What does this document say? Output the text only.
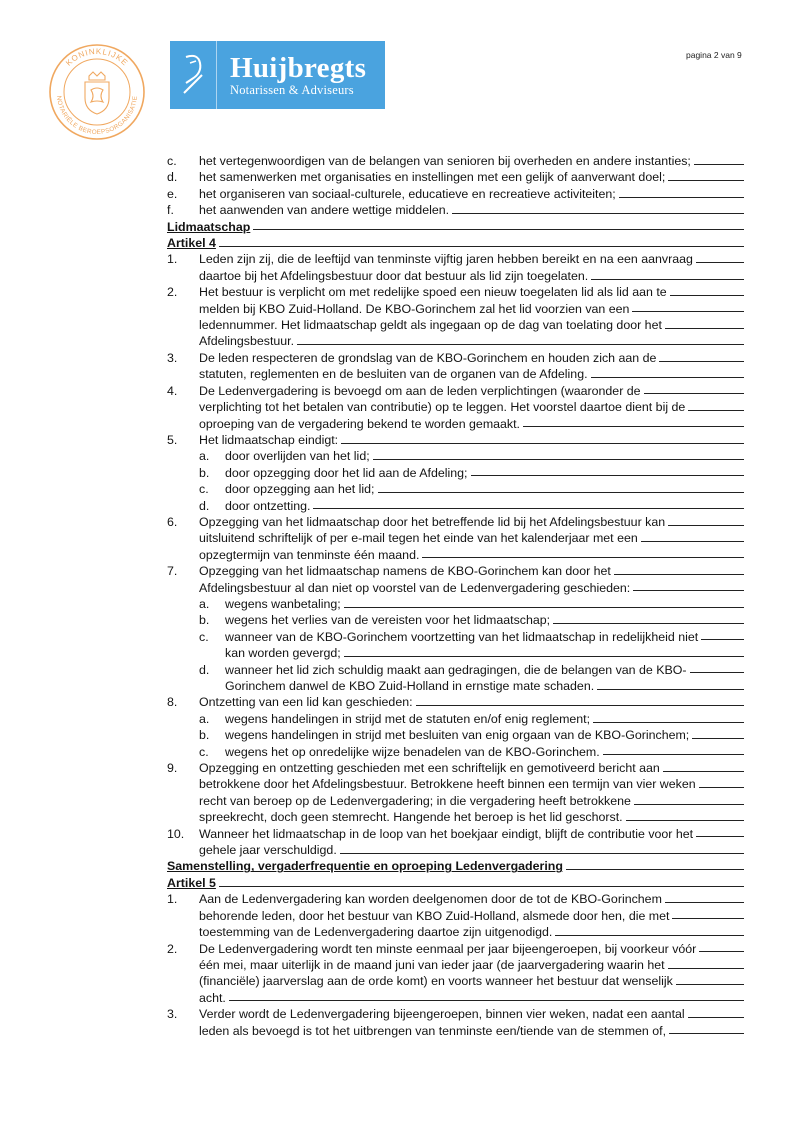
KONINKLIJKE
NOTARIËLE BEROEPSORGANISATIE
Huijbregts
Notarissen & Adviseurs
pagina 2 van 9
c.	het vertegenwoordigen van de belangen van senioren bij overheden en andere instanties;
d.	het samenwerken met organisaties en instellingen met een gelijk of aanverwant doel;
e.	het organiseren van sociaal-culturele, educatieve en recreatieve activiteiten;
f.	het aanwenden van andere wettige middelen.
Lidmaatschap
Artikel 4
1.	Leden zijn zij, die de leeftijd van tenminste vijftig jaren hebben bereikt en na een aanvraag
daartoe bij het Afdelingsbestuur door dat bestuur als lid zijn toegelaten.
2.	Het bestuur is verplicht om met redelijke spoed een nieuw toegelaten lid als lid aan te
melden bij KBO Zuid-Holland. De KBO-Gorinchem zal het lid voorzien van een
ledennummer. Het lidmaatschap geldt als ingegaan op de dag van toelating door het
Afdelingsbestuur.
3.	De leden respecteren de grondslag van de KBO-Gorinchem en houden zich aan de
statuten, reglementen en de besluiten van de organen van de Afdeling.
4.	De Ledenvergadering is bevoegd om aan de leden verplichtingen (waaronder de
verplichting tot het betalen van contributie) op te leggen. Het voorstel daartoe dient bij de
oproeping van de vergadering bekend te worden gemaakt.
5.	Het lidmaatschap eindigt:
a.	door overlijden van het lid;
b.	door opzegging door het lid aan de Afdeling;
c.	door opzegging aan het lid;
d.	door ontzetting.
6.	Opzegging van het lidmaatschap door het betreffende lid bij het Afdelingsbestuur kan
uitsluitend schriftelijk of per e-mail tegen het einde van het kalenderjaar met een
opzegtermijn van tenminste één maand.
7.	Opzegging van het lidmaatschap namens de KBO-Gorinchem kan door het
Afdelingsbestuur al dan niet op voorstel van de Ledenvergadering geschieden:
a.	wegens wanbetaling;
b.	wegens het verlies van de vereisten voor het lidmaatschap;
c.	wanneer van de KBO-Gorinchem voortzetting van het lidmaatschap in redelijkheid niet
kan worden gevergd;
d.	wanneer het lid zich schuldig maakt aan gedragingen, die de belangen van de KBO-
Gorinchem danwel de KBO Zuid-Holland in ernstige mate schaden.
8.	Ontzetting van een lid kan geschieden:
a.	wegens handelingen in strijd met de statuten en/of enig reglement;
b.	wegens handelingen in strijd met besluiten van enig orgaan van de KBO-Gorinchem;
c.	wegens het op onredelijke wijze benadelen van de KBO-Gorinchem.
9.	Opzegging en ontzetting geschieden met een schriftelijk en gemotiveerd bericht aan
betrokkene door het Afdelingsbestuur. Betrokkene heeft binnen een termijn van vier weken
recht van beroep op de Ledenvergadering; in die vergadering heeft betrokkene
spreekrecht, doch geen stemrecht. Hangende het beroep is het lid geschorst.
10.	Wanneer het lidmaatschap in de loop van het boekjaar eindigt, blijft de contributie voor het
gehele jaar verschuldigd.
Samenstelling, vergaderfrequentie en oproeping Ledenvergadering
Artikel 5
1.	Aan de Ledenvergadering kan worden deelgenomen door de tot de KBO-Gorinchem
behorende leden, door het bestuur van KBO Zuid-Holland, alsmede door hen, die met
toestemming van de Ledenvergadering daartoe zijn uitgenodigd.
2.	De Ledenvergadering wordt ten minste eenmaal per jaar bijeengeroepen, bij voorkeur vóór
één mei, maar uiterlijk in de maand juni van ieder jaar (de jaarvergadering waarin het
(financiële) jaarverslag aan de orde komt) en voorts wanneer het bestuur dat wenselijk
acht.
3.	Verder wordt de Ledenvergadering bijeengeroepen, binnen vier weken, nadat een aantal
leden als bevoegd is tot het uitbrengen van tenminste een/tiende van de stemmen of,
